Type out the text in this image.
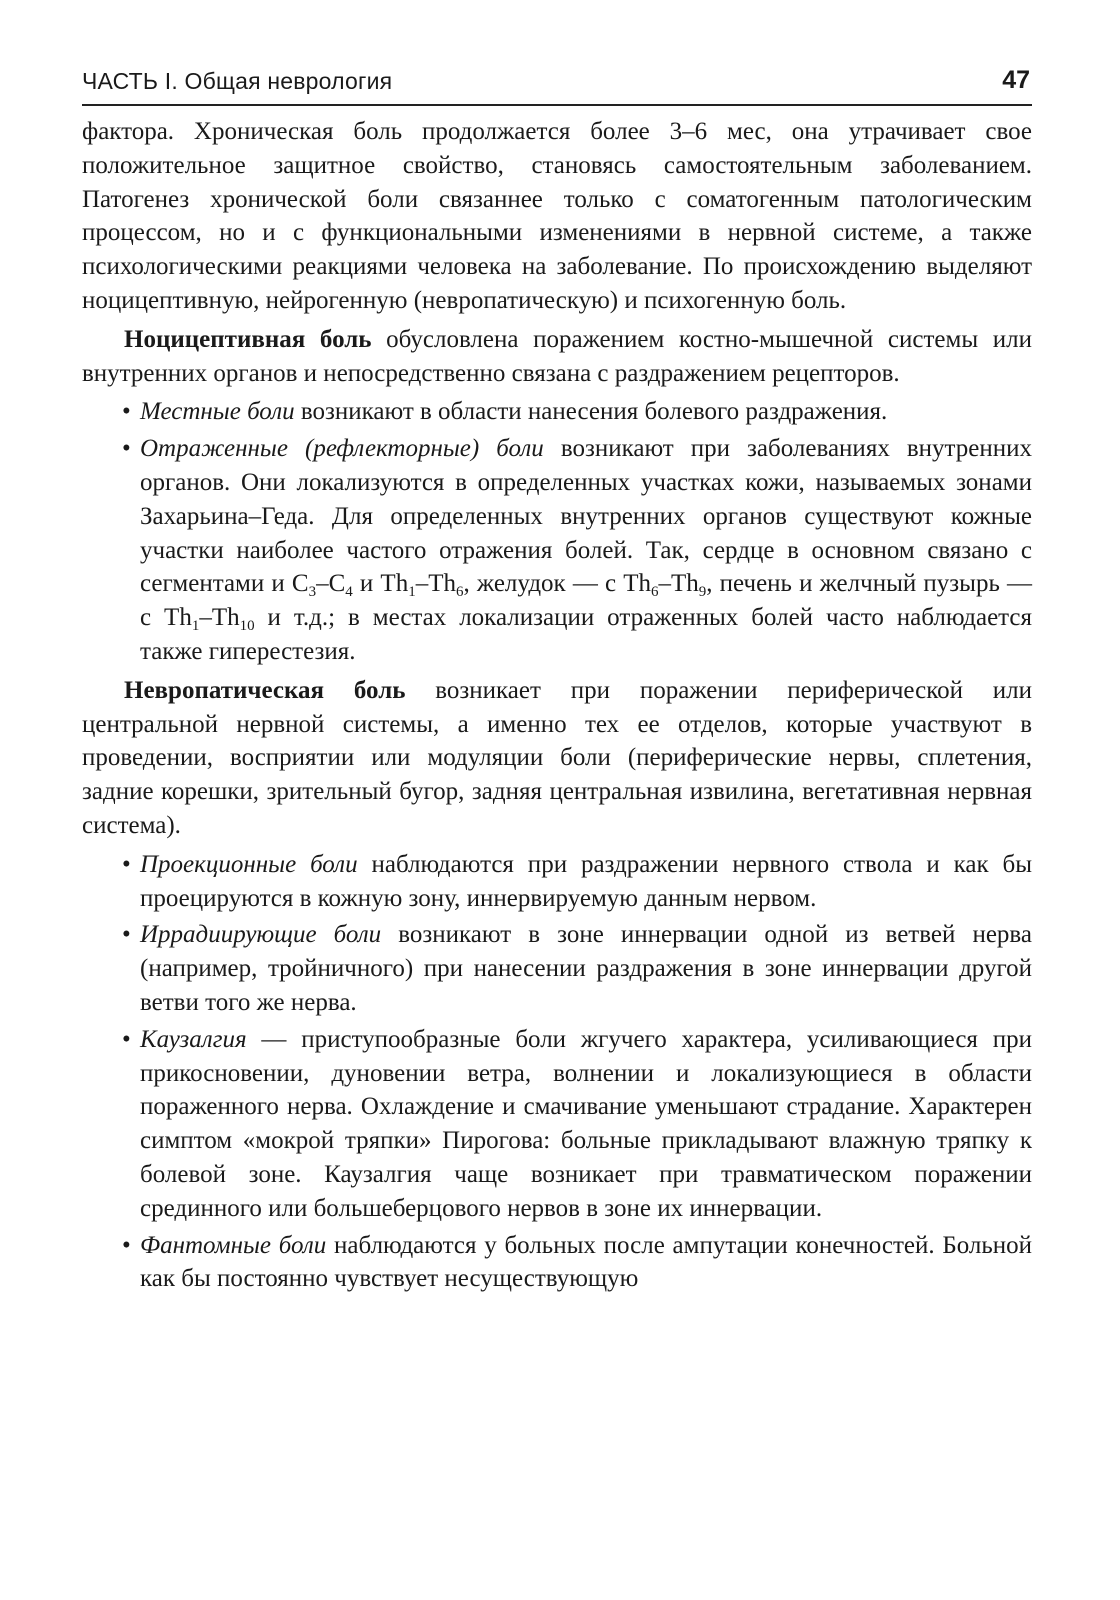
ЧАСТЬ I. Общая неврология	47

фактора. Хроническая боль продолжается более 3–6 мес, она утрачивает свое положительное защитное свойство, становясь самостоятельным заболеванием. Патогенез хронической боли связаннее только с соматогенным патологическим процессом, но и с функциональными изменениями в нервной системе, а также психологическими реакциями человека на заболевание. По происхождению выделяют ноцицептивную, нейрогенную (невропатическую) и психогенную боль.

Ноцицептивная боль обусловлена поражением костно-мышечной системы или внутренних органов и непосредственно связана с раздражением рецепторов.

• Местные боли возникают в области нанесения болевого раздражения.
• Отраженные (рефлекторные) боли возникают при заболеваниях внутренних органов. Они локализуются в определенных участках кожи, называемых зонами Захарьина–Геда. Для определенных внутренних органов существуют кожные участки наиболее частого отражения болей. Так, сердце в основном связано с сегментами и $C_3-C_4$ и $Th_1-Th_6$, желудок — с $Th_6-Th_9$, печень и желчный пузырь — с $Th_1-Th_{10}$ и т.д.; в местах локализации отраженных болей часто наблюдается также гиперестезия.

Невропатическая боль возникает при поражении периферической или центральной нервной системы, а именно тех ее отделов, которые участвуют в проведении, восприятии или модуляции боли (периферические нервы, сплетения, задние корешки, зрительный бугор, задняя центральная извилина, вегетативная нервная система).

• Проекционные боли наблюдаются при раздражении нервного ствола и как бы проецируются в кожную зону, иннервируемую данным нервом.
• Иррадиирующие боли возникают в зоне иннервации одной из ветвей нерва (например, тройничного) при нанесении раздражения в зоне иннервации другой ветви того же нерва.
• Каузалгия — приступообразные боли жгучего характера, усиливающиеся при прикосновении, дуновении ветра, волнении и локализующиеся в области пораженного нерва. Охлаждение и смачивание уменьшают страдание. Характерен симптом «мокрой тряпки» Пирогова: больные прикладывают влажную тряпку к болевой зоне. Каузалгия чаще возникает при травматическом поражении срединного или большеберцового нервов в зоне их иннервации.
• Фантомные боли наблюдаются у больных после ампутации конечностей. Больной как бы постоянно чувствует несуществующую
